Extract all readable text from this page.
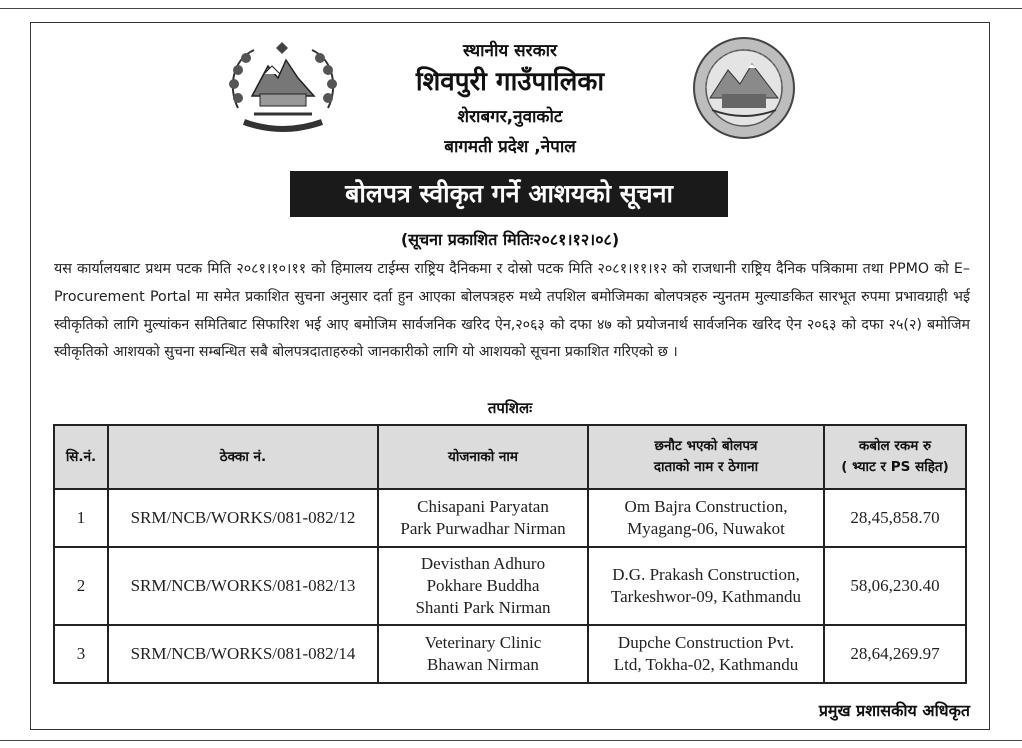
स्थानीय सरकार
शिवपुरी गाउँपालिका
शेराबगर,नुवाकोट
बागमती प्रदेश ,नेपाल
बोलपत्र स्वीकृत गर्ने आशयको सूचना
(सूचना प्रकाशित मितिः२०८१।१२।०८)
यस कार्यालयबाट प्रथम पटक मिति २०८१।१०।११ को हिमालय टाईम्स राष्ट्रिय दैनिकमा र दोस्रो पटक मिति २०८१।११।१२ को राजधानी राष्ट्रिय दैनिक पत्रिकामा तथा PPMO को E–Procurement Portal मा समेत प्रकाशित सुचना अनुसार दर्ता हुन आएका बोलपत्रहरु मध्ये तपशिल बमोजिमका बोलपत्रहरु न्युनतम मुल्याङकित सारभूत रुपमा प्रभावग्राही भई स्वीकृतिको लागि मुल्यांकन समितिबाट सिफारिश भई आए बमोजिम सार्वजनिक खरिद ऐन,२०६३ को दफा ४७ को प्रयोजनार्थ सार्वजनिक खरिद ऐन २०६३ को दफा २५(२) बमोजिम स्वीकृतिको आशयको सुचना सम्बन्धित सबै बोलपत्रदाताहरुको जानकारीको लागि यो आशयको सूचना प्रकाशित गरिएको छ ।
तपशिलः
सि.नं.	ठेक्का नं.	योजनाको नाम	छनौट भएको बोलपत्र
दाताको नाम र ठेगाना	कबोल रकम रु
( भ्याट र PS सहित)

1	SRM/NCB/WORKS/081-082/12	Chisapani Paryatan
Park Purwadhar Nirman	Om Bajra Construction,
Myagang-06, Nuwakot	28,45,858.70
2	SRM/NCB/WORKS/081-082/13	Devisthan Adhuro
Pokhare Buddha
Shanti Park Nirman	D.G. Prakash Construction,
Tarkeshwor-09, Kathmandu	58,06,230.40
3	SRM/NCB/WORKS/081-082/14	Veterinary Clinic
Bhawan Nirman	Dupche Construction Pvt.
Ltd, Tokha-02, Kathmandu	28,64,269.97
प्रमुख प्रशासकीय अधिकृत
